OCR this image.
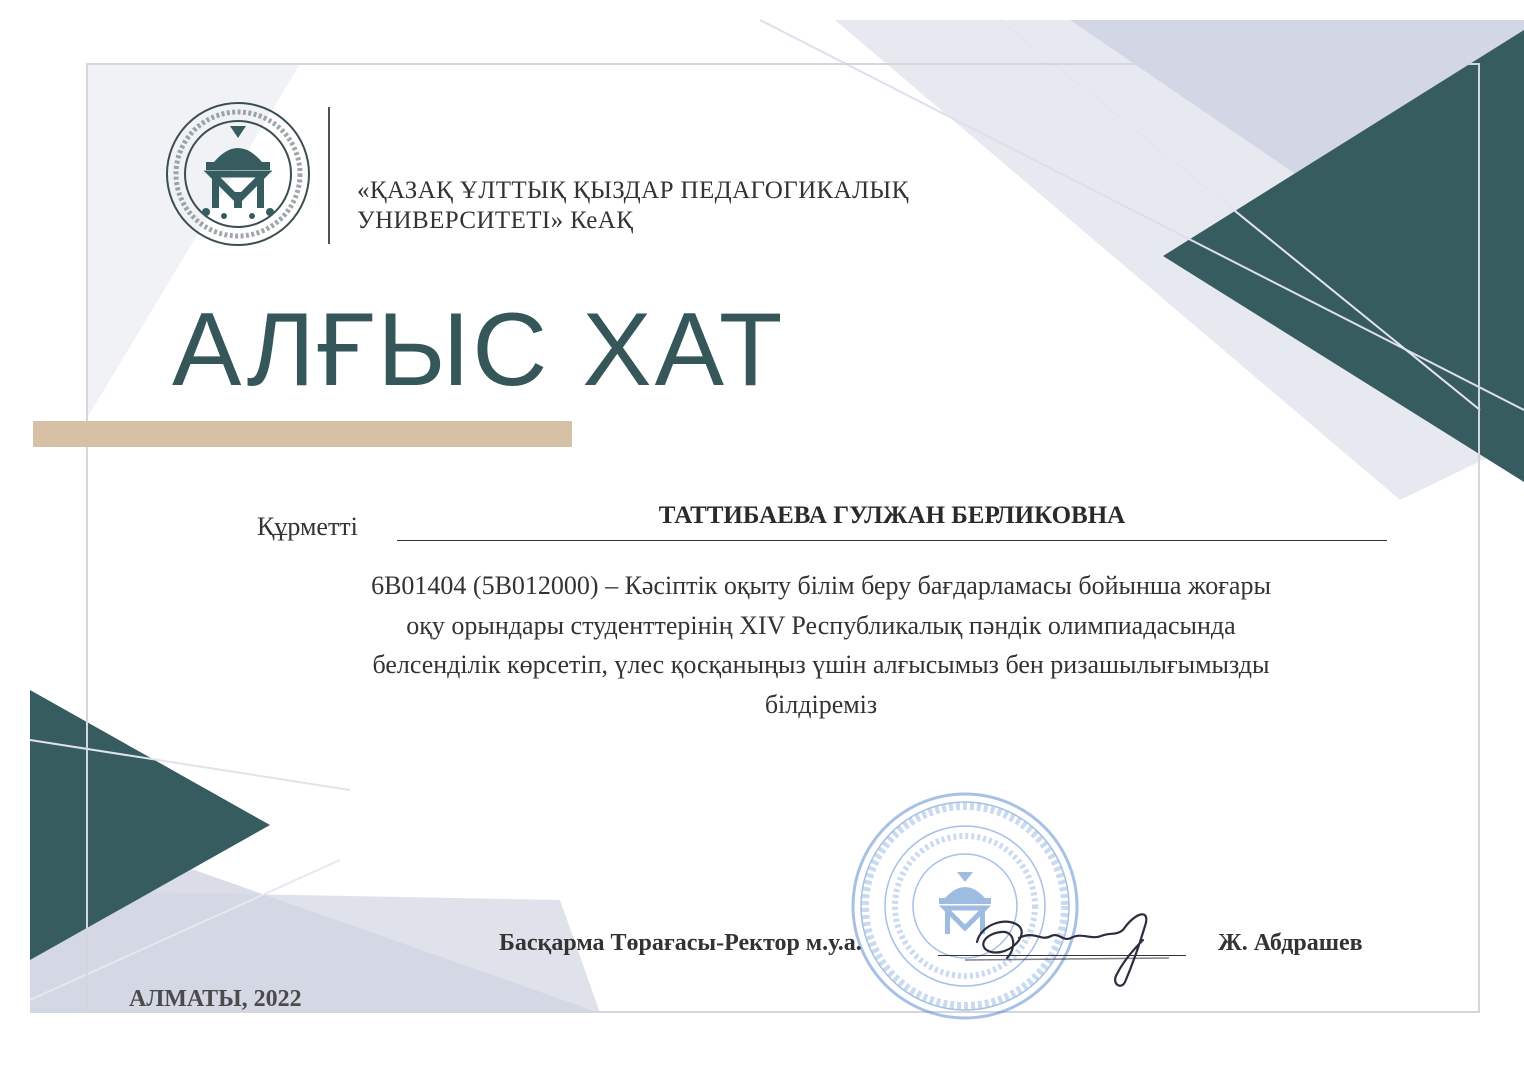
«ҚАЗАҚ ҰЛТТЫҚ ҚЫЗДАР ПЕДАГОГИКАЛЫҚ
УНИВЕРСИТЕТІ» КеАҚ
АЛҒЫС ХАТ
Құрметті	ТАТТИБАЕВА ГУЛЖАН БЕРЛИКОВНА
6В01404 (5В012000) – Кәсіптік оқыту білім беру бағдарламасы бойынша жоғары
оқу орындары студенттерінің XIV Республикалық пәндік олимпиадасында
белсенділік көрсетіп, үлес қосқаныңыз үшін алғысымыз бен ризашылығымызды
білдіреміз
Басқарма Төрағасы-Ректор м.у.а.	Ж. Абдрашев
АЛМАТЫ, 2022
